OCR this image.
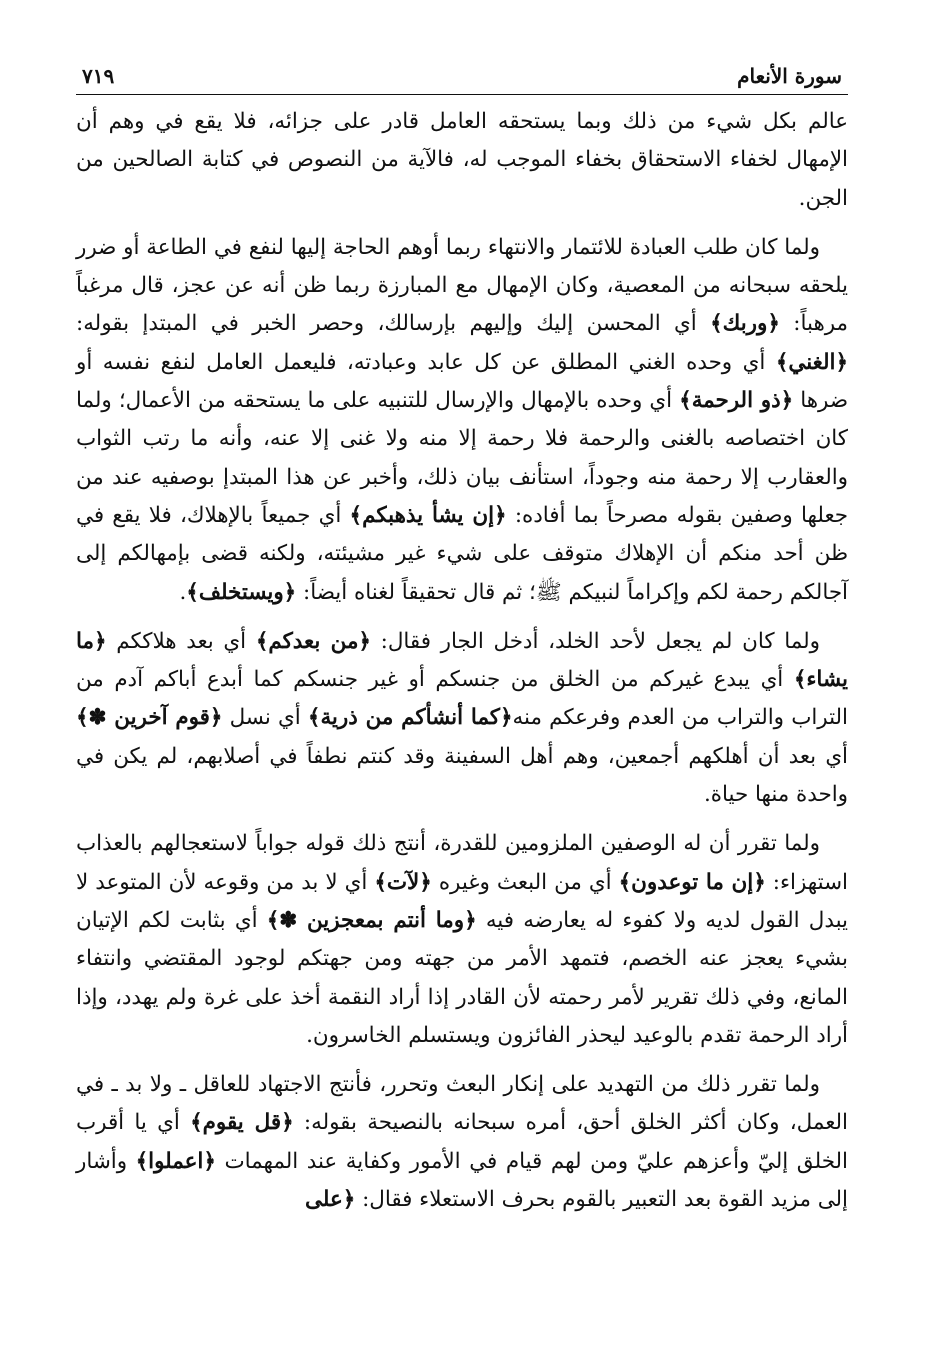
سورة الأنعام
٧١٩

عالم بكل شيء من ذلك وبما يستحقه العامل قادر على جزائه، فلا يقع في وهم أن الإمهال لخفاء الاستحقاق بخفاء الموجب له، فالآية من النصوص في كتابة الصالحين من الجن.

ولما كان طلب العبادة للائتمار والانتهاء ربما أوهم الحاجة إليها لنفع في الطاعة أو ضرر يلحقه سبحانه من المعصية، وكان الإمهال مع المبارزة ربما ظن أنه عن عجز، قال مرغباً مرهباً: ﴿وربك﴾ أي المحسن إليك وإليهم بإرسالك، وحصر الخبر في المبتدإ بقوله: ﴿الغني﴾ أي وحده الغني المطلق عن كل عابد وعبادته، فليعمل العامل لنفع نفسه أو ضرها ﴿ذو الرحمة﴾ أي وحده بالإمهال والإرسال للتنبيه على ما يستحقه من الأعمال؛ ولما كان اختصاصه بالغنى والرحمة فلا رحمة إلا منه ولا غنى إلا عنه، وأنه ما رتب الثواب والعقارب إلا رحمة منه وجوداً، استأنف بيان ذلك، وأخبر عن هذا المبتدإ بوصفيه عند من جعلها وصفين بقوله مصرحاً بما أفاده: ﴿إن يشأ يذهبكم﴾ أي جميعاً بالإهلاك، فلا يقع في ظن أحد منكم أن الإهلاك متوقف على شيء غير مشيئته، ولكنه قضى بإمهالكم إلى آجالكم رحمة لكم وإكراماً لنبيكم ﷺ؛ ثم قال تحقيقاً لغناه أيضاً: ﴿ويستخلف﴾.

ولما كان لم يجعل لأحد الخلد، أدخل الجار فقال: ﴿من بعدكم﴾ أي بعد هلاككم ﴿ما يشاء﴾ أي يبدع غيركم من الخلق من جنسكم أو غير جنسكم كما أبدع أباكم آدم من التراب والتراب من العدم وفرعكم منه﴿كما أنشأكم من ذرية﴾ أي نسل ﴿قوم آخرين ✽﴾ أي بعد أن أهلكهم أجمعين، وهم أهل السفينة وقد كنتم نطفاً في أصلابهم، لم يكن في واحدة منها حياة.

ولما تقرر أن له الوصفين الملزومين للقدرة، أنتج ذلك قوله جواباً لاستعجالهم بالعذاب استهزاء: ﴿إن ما توعدون﴾ أي من البعث وغيره ﴿لآت﴾ أي لا بد من وقوعه لأن المتوعد لا يبدل القول لديه ولا كفوء له يعارضه فيه ﴿وما أنتم بمعجزين ✽﴾ أي بثابت لكم الإتيان بشيء يعجز عنه الخصم، فتمهد الأمر من جهته ومن جهتكم لوجود المقتضي وانتفاء المانع، وفي ذلك تقرير لأمر رحمته لأن القادر إذا أراد النقمة أخذ على غرة ولم يهدد، وإذا أراد الرحمة تقدم بالوعيد ليحذر الفائزون ويستسلم الخاسرون.

ولما تقرر ذلك من التهديد على إنكار البعث وتحرر، فأنتج الاجتهاد للعاقل ـ ولا بد ـ في العمل، وكان أكثر الخلق أحق، أمره سبحانه بالنصيحة بقوله: ﴿قل يقوم﴾ أي يا أقرب الخلق إليّ وأعزهم عليّ ومن لهم قيام في الأمور وكفاية عند المهمات ﴿اعملوا﴾ وأشار إلى مزيد القوة بعد التعبير بالقوم بحرف الاستعلاء فقال: ﴿على
